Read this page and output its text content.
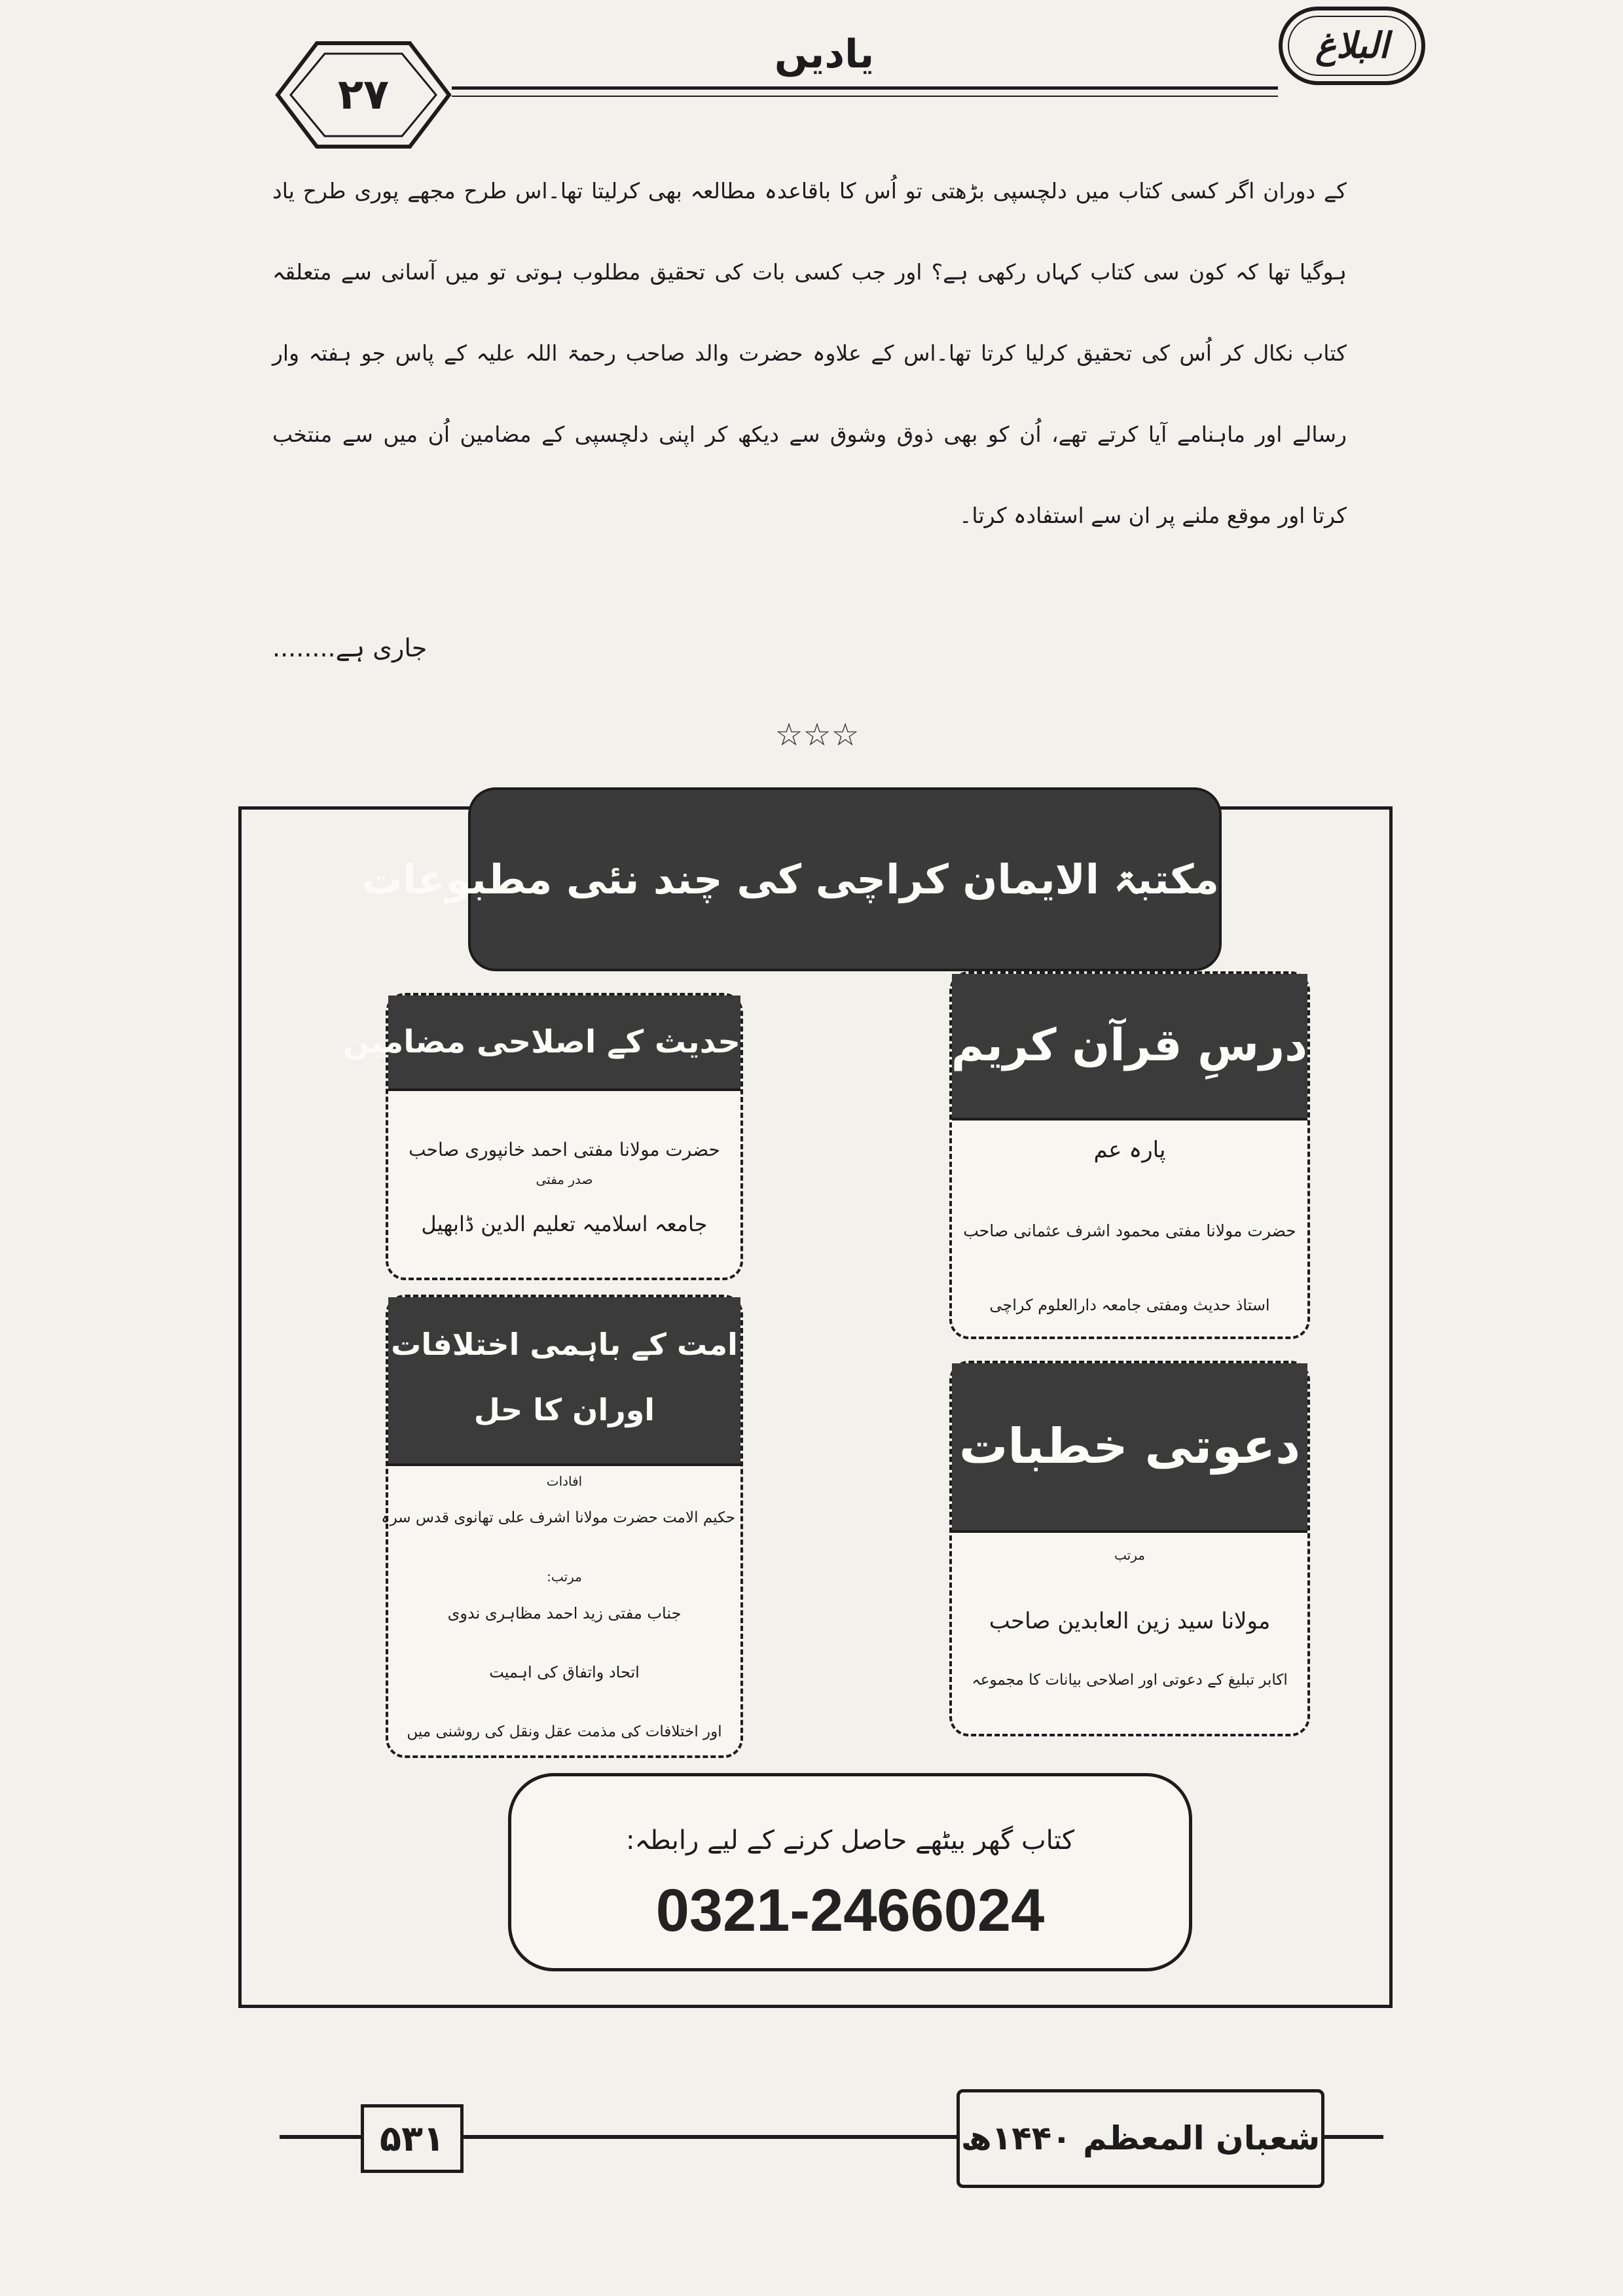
۲۷
یادیں	البلاغ
کے دوران اگر کسی کتاب میں دلچسپی بڑھتی تو اُس کا باقاعدہ مطالعہ بھی کرلیتا تھا۔اس طرح مجھے پوری طرح یاد
ہوگیا تھا کہ کون سی کتاب کہاں رکھی ہے؟ اور جب کسی بات کی تحقیق مطلوب ہوتی تو میں آسانی سے متعلقہ
کتاب نکال کر اُس کی تحقیق کرلیا کرتا تھا۔اس کے علاوہ حضرت والد صاحب رحمۃ اللہ علیہ کے پاس جو ہفتہ وار
رسالے اور ماہنامے آیا کرتے تھے، اُن کو بھی ذوق وشوق سے دیکھ کر اپنی دلچسپی کے مضامین اُن میں سے منتخب
کرتا اور موقع ملنے پر ان سے استفادہ کرتا۔
جاری ہے........
☆☆☆
مکتبۃ الایمان کراچی کی چند نئی مطبوعات
درسِ قرآن کریم
پارہ عم
حضرت مولانا مفتی محمود اشرف عثمانی صاحب
استاذ حدیث ومفتی جامعہ دارالعلوم کراچی
حدیث کے اصلاحی مضامین
حضرت مولانا مفتی احمد خانپوری صاحب
صدر مفتی
جامعہ اسلامیہ تعلیم الدین ڈابھیل
امت کے باہمی اختلافات
اوران کا حل
افادات
حکیم الامت حضرت مولانا اشرف علی تھانوی قدس سرہ
مرتب:
جناب مفتی زید احمد مظاہری ندوی
اتحاد واتفاق کی اہمیت
اور اختلافات کی مذمت عقل ونقل کی روشنی میں
دعوتی خطبات
مرتب
مولانا سید زین العابدین صاحب
اکابر تبلیغ کے دعوتی اور اصلاحی بیانات کا مجموعہ
کتاب گھر بیٹھے حاصل کرنے کے لیے رابطہ:
0321-2466024
۵۳۱	شعبان المعظم ۱۴۴۰ھ
